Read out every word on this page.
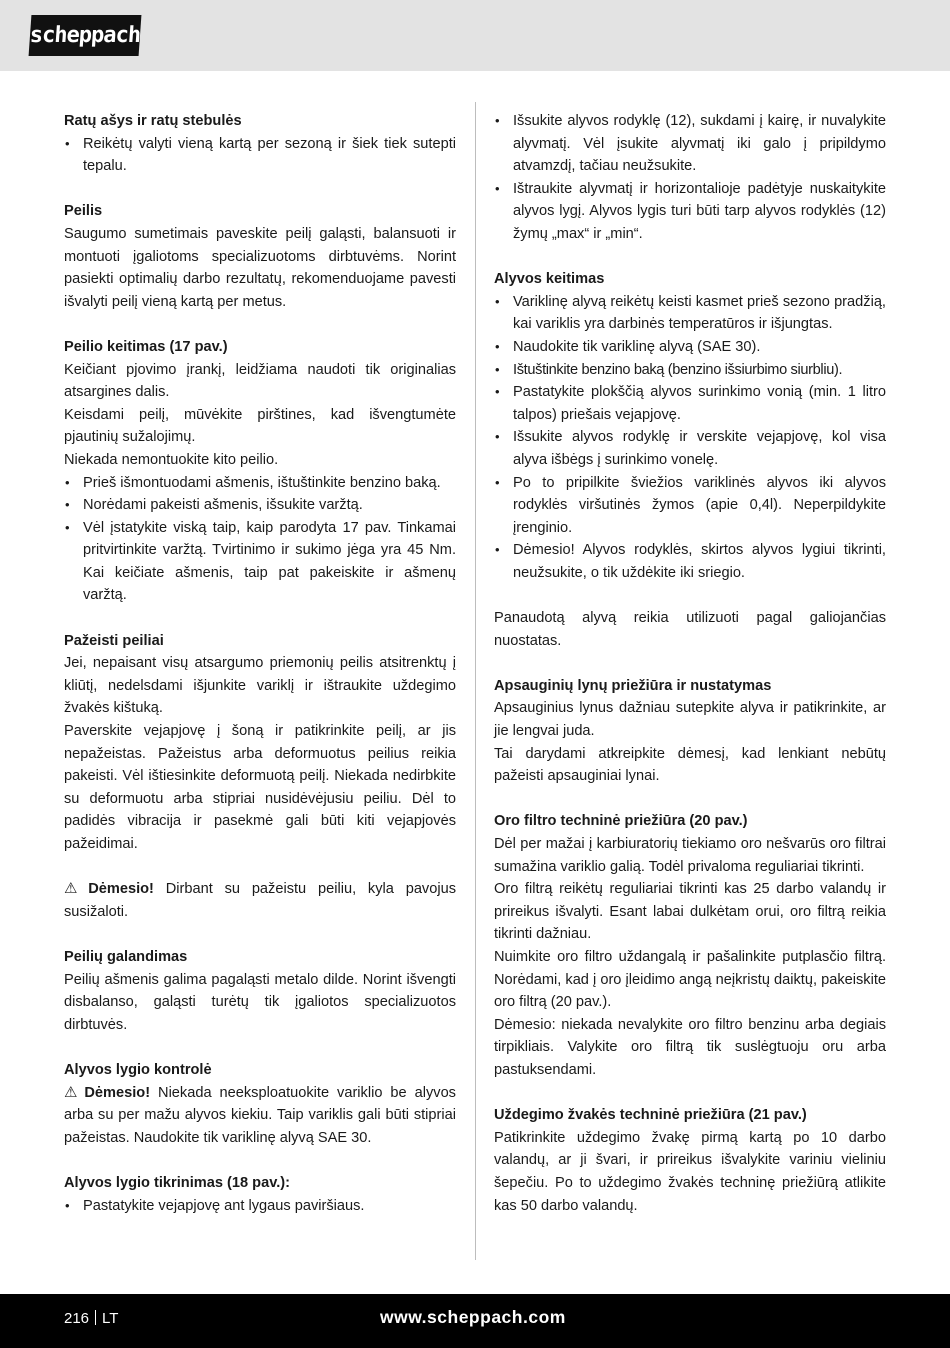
scheppach
Ratų ašys ir ratų stebulės
• Reikėtų valyti vieną kartą per sezoną ir šiek tiek sutepti tepalu.
Peilis

Saugumo sumetimais paveskite peilį galąsti, balansuoti ir montuoti įgaliotoms specializuotoms dirbtuvėms. Norint pasiekti optimalių darbo rezultatų, rekomenduojame pavesti išvalyti peilį vieną kartą per metus.

Peilio keitimas (17 pav.)

Keičiant pjovimo įrankį, leidžiama naudoti tik originalias atsargines dalis.

Keisdami peilį, mūvėkite pirštines, kad išvengtumėte pjautinių sužalojimų.

Niekada nemontuokite kito peilio.

• Prieš išmontuodami ašmenis, ištuštinkite benzino baką.
• Norėdami pakeisti ašmenis, išsukite varžtą.
• Vėl įstatykite viską taip, kaip parodyta 17 pav. Tinkamai pritvirtinkite varžtą. Tvirtinimo ir sukimo jėga yra 45 Nm. Kai keičiate ašmenis, taip pat pakeiskite ir ašmenų varžtą.
Pažeisti peiliai

Jei, nepaisant visų atsargumo priemonių peilis atsitrenktų į kliūtį, nedelsdami išjunkite variklį ir ištraukite uždegimo žvakės kištuką.

Paverskite vejapjovę į šoną ir patikrinkite peilį, ar jis nepažeistas. Pažeistus arba deformuotus peilius reikia pakeisti. Vėl ištiesinkite deformuotą peilį. Niekada nedirbkite su deformuotu arba stipriai nusidėvėjusiu peiliu. Dėl to padidės vibracija ir pasekmė gali būti kiti vejapjovės pažeidimai.

⚠ Dėmesio! Dirbant su pažeistu peiliu, kyla pavojus susižaloti.

Peilių galandimas

Peilių ašmenis galima pagaląsti metalo dilde. Norint išvengti disbalanso, galąsti turėtų tik įgaliotos specializuotos dirbtuvės.

Alyvos lygio kontrolė

⚠ Dėmesio! Niekada neeksploatuokite variklio be alyvos arba su per mažu alyvos kiekiu. Taip variklis gali būti stipriai pažeistas. Naudokite tik variklinę alyvą SAE 30.

Alyvos lygio tikrinimas (18 pav.):
• Pastatykite vejapjovę ant lygaus paviršiaus.
• Išsukite alyvos rodyklę (12), sukdami į kairę, ir nuvalykite alyvmatį. Vėl įsukite alyvmatį iki galo į pripildymo atvamzdį, tačiau neužsukite.
• Ištraukite alyvmatį ir horizontalioje padėtyje nuskaitykite alyvos lygį. Alyvos lygis turi būti tarp alyvos rodyklės (12) žymų „max“ ir „min“.
Alyvos keitimas
• Variklinę alyvą reikėtų keisti kasmet prieš sezono pradžią, kai variklis yra darbinės temperatūros ir išjungtas.
• Naudokite tik variklinę alyvą (SAE 30).
• Ištuštinkite benzino baką (benzino išsiurbimo siurbliu).
• Pastatykite plokščią alyvos surinkimo vonią (min. 1 litro talpos) priešais vejapjovę.
• Išsukite alyvos rodyklę ir verskite vejapjovę, kol visa alyva išbėgs į surinkimo vonelę.
• Po to pripilkite šviežios variklinės alyvos iki alyvos rodyklės viršutinės žymos (apie 0,4l). Neperpildykite įrenginio.
• Dėmesio! Alyvos rodyklės, skirtos alyvos lygiui tikrinti, neužsukite, o tik uždėkite iki sriegio.

Panaudotą alyvą reikia utilizuoti pagal galiojančias nuostatas.

Apsauginių lynų priežiūra ir nustatymas

Apsauginius lynus dažniau sutepkite alyva ir patikrinkite, ar jie lengvai juda.

Tai darydami atkreipkite dėmesį, kad lenkiant nebūtų pažeisti apsauginiai lynai.

Oro filtro techninė priežiūra (20 pav.)

Dėl per mažai į karbiuratorių tiekiamo oro nešvarūs oro filtrai sumažina variklio galią. Todėl privaloma reguliariai tikrinti.

Oro filtrą reikėtų reguliariai tikrinti kas 25 darbo valandų ir prireikus išvalyti. Esant labai dulkėtam orui, oro filtrą reikia tikrinti dažniau.

Nuimkite oro filtro uždangalą ir pašalinkite putplasčio filtrą. Norėdami, kad į oro įleidimo angą neįkristų daiktų, pakeiskite oro filtrą (20 pav.).

Dėmesio: niekada nevalykite oro filtro benzinu arba degiais tirpikliais. Valykite oro filtrą tik suslėgtuoju oru arba pastuksendami.

Uždegimo žvakės techninė priežiūra (21 pav.)

Patikrinkite uždegimo žvakę pirmą kartą po 10 darbo valandų, ar ji švari, ir prireikus išvalykite variniu vieliniu šepečiu. Po to uždegimo žvakės techninę priežiūrą atlikite kas 50 darbo valandų.

216 LT	www.scheppach.com
